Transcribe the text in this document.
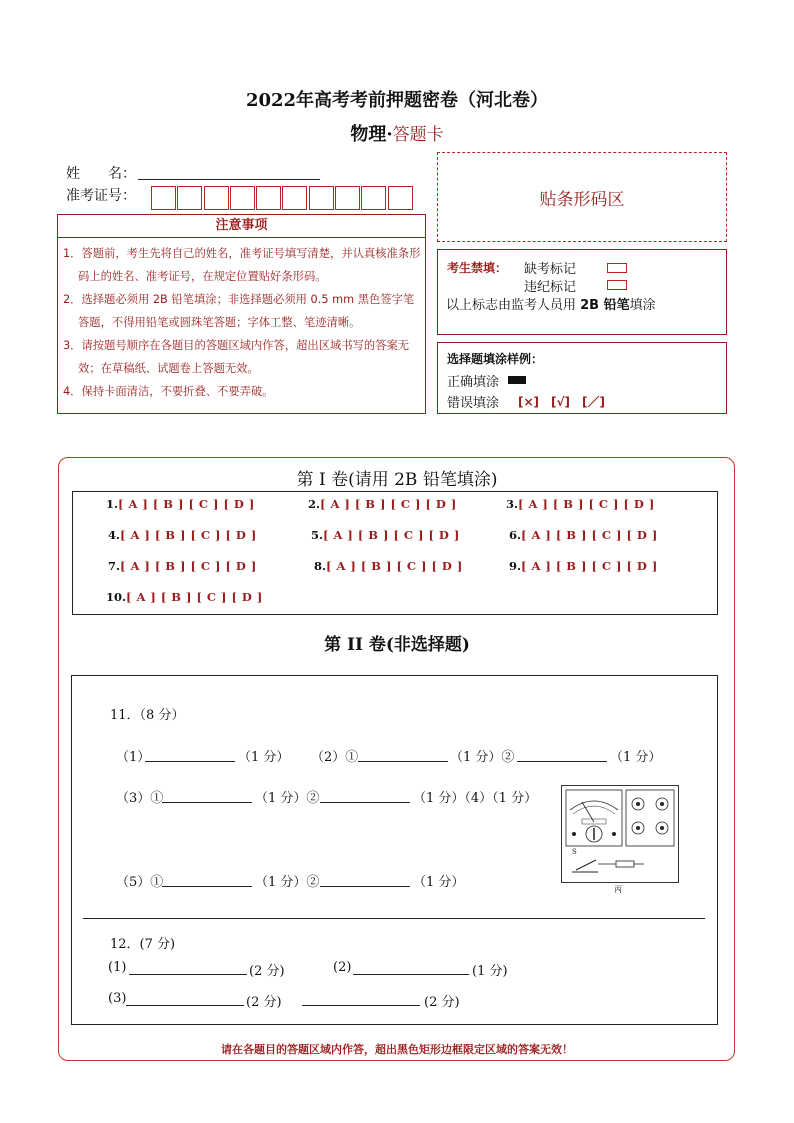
2022年高考考前押题密卷（河北卷）
物理·答题卡
姓　　名：
准考证号：	贴条形码区
注意事项
1．答题前，考生先将自己的姓名，准考证号填写清楚，并认真核准条形码上的姓名、准考证号，在规定位置贴好条形码。
2．选择题必须用 2B 铅笔填涂；非选择题必须用 0.5 mm 黑色签字笔答题，不得用铅笔或圆珠笔答题；字体工整、笔迹清晰。
3．请按题号顺序在各题目的答题区域内作答，超出区域书写的答案无效；在草稿纸、试题卷上答题无效。
4．保持卡面清洁，不要折叠、不要弄破。
考生禁填： 缺考标记
违纪标记
以上标志由监考人员用 2B 铅笔填涂
选择题填涂样例：
正确填涂
错误填涂 [×]　[√]　[／]
第 I 卷(请用 2B 铅笔填涂)
1.[ A ] [ B ] [ C ] [ D ]	2.[ A ] [ B ] [ C ] [ D ]	3.[ A ] [ B ] [ C ] [ D ]
4.[ A ] [ B ] [ C ] [ D ]	5.[ A ] [ B ] [ C ] [ D ]	6.[ A ] [ B ] [ C ] [ D ]
7.[ A ] [ B ] [ C ] [ D ]	8.[ A ] [ B ] [ C ] [ D ]	9.[ A ] [ B ] [ C ] [ D ]
10.[ A ] [ B ] [ C ] [ D ]
第 II 卷(非选择题)
11．（8 分）
（1）	（1 分） （2）①	（1 分）②	（1 分）
（3）①	（1 分）②	（1 分）（4）（1 分）
（5）①	（1 分）②	（1 分）
S
丙
12．(7 分)
(1)	(2 分)	(2)	(1 分)
(3)	(2 分)	(2 分)
请在各题目的答题区域内作答，超出黑色矩形边框限定区域的答案无效！
